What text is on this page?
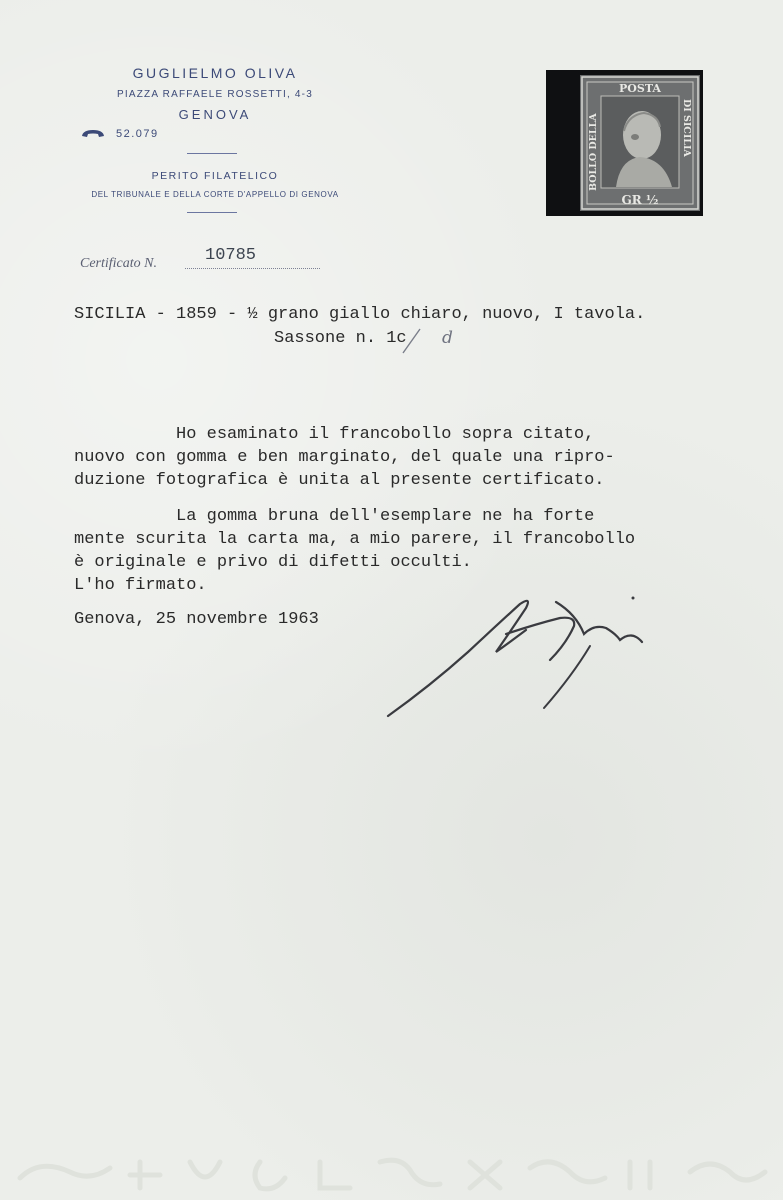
GUGLIELMO OLIVA
PIAZZA RAFFAELE ROSSETTI, 4-3
GENOVA
52.079
PERITO FILATELICO
DEL TRIBUNALE E DELLA CORTE D'APPELLO DI GENOVA
POSTA
BOLLO DELLA	DI SICILIA
GR ½
Certificato N.	10785
SICILIA - 1859 - ½ grano giallo chiaro, nuovo, I tavola.
Sassone n. 1c d
Ho esaminato il francobollo sopra citato,
nuovo con gomma e ben marginato, del quale una ripro-
duzione fotografica è unita al presente certificato.
La gomma bruna dell'esemplare ne ha forte
mente scurita la carta ma, a mio parere, il francobollo
è originale e privo di difetti occulti.
L'ho firmato.
Genova, 25 novembre 1963
